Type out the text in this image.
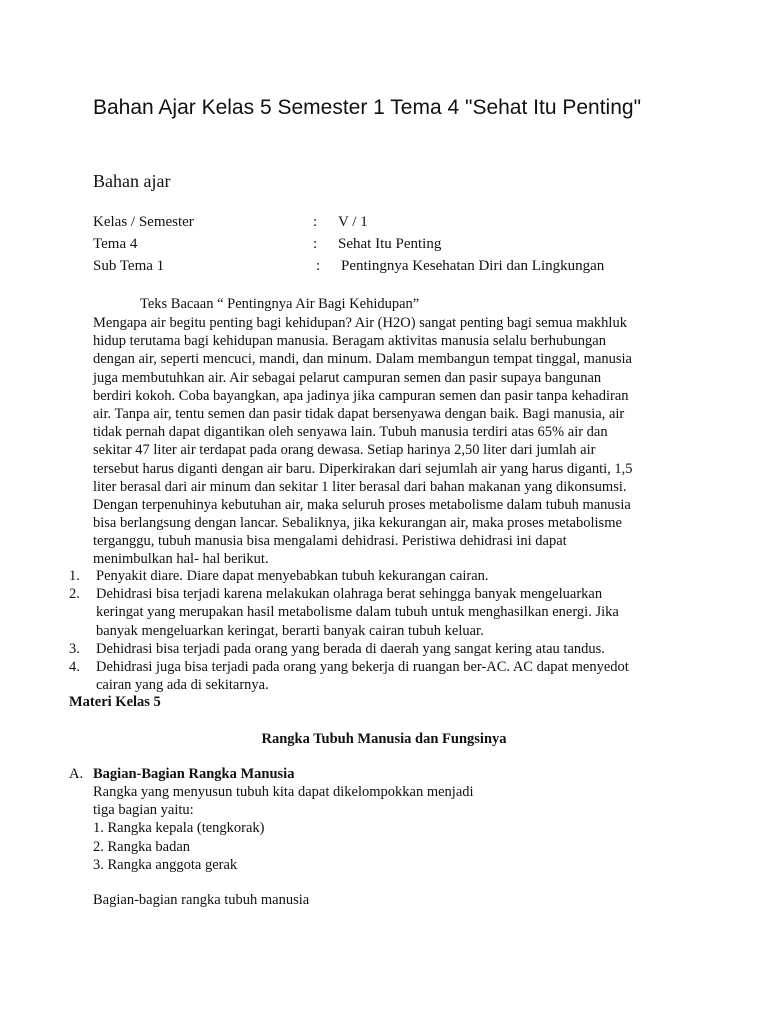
Bahan Ajar Kelas 5 Semester 1 Tema 4 "Sehat Itu Penting"
Bahan ajar
Kelas / Semester	: V / 1
Tema 4	: Sehat Itu Penting
Sub Tema 1	: Pentingnya Kesehatan Diri dan Lingkungan
Teks Bacaan “ Pentingnya Air Bagi Kehidupan”

Mengapa air begitu penting bagi kehidupan? Air (H2O) sangat penting bagi semua makhluk
hidup terutama bagi kehidupan manusia. Beragam aktivitas manusia selalu berhubungan
dengan air, seperti mencuci, mandi, dan minum. Dalam membangun tempat tinggal, manusia
juga membutuhkan air. Air sebagai pelarut campuran semen dan pasir supaya bangunan
berdiri kokoh. Coba bayangkan, apa jadinya jika campuran semen dan pasir tanpa kehadiran
air. Tanpa air, tentu semen dan pasir tidak dapat bersenyawa dengan baik. Bagi manusia, air
tidak pernah dapat digantikan oleh senyawa lain. Tubuh manusia terdiri atas 65% air dan
sekitar 47 liter air terdapat pada orang dewasa. Setiap harinya 2,50 liter dari jumlah air
tersebut harus diganti dengan air baru. Diperkirakan dari sejumlah air yang harus diganti, 1,5
liter berasal dari air minum dan sekitar 1 liter berasal dari bahan makanan yang dikonsumsi.
Dengan terpenuhinya kebutuhan air, maka seluruh proses metabolisme dalam tubuh manusia
bisa berlangsung dengan lancar. Sebaliknya, jika kekurangan air, maka proses metabolisme
terganggu, tubuh manusia bisa mengalami dehidrasi. Peristiwa dehidrasi ini dapat
menimbulkan hal- hal berikut.

1. Penyakit diare. Diare dapat menyebabkan tubuh kekurangan cairan.
2. Dehidrasi bisa terjadi karena melakukan olahraga berat sehingga banyak mengeluarkan
keringat yang merupakan hasil metabolisme dalam tubuh untuk menghasilkan energi. Jika
banyak mengeluarkan keringat, berarti banyak cairan tubuh keluar.
3. Dehidrasi bisa terjadi pada orang yang berada di daerah yang sangat kering atau tandus.
4. Dehidrasi juga bisa terjadi pada orang yang bekerja di ruangan ber-AC. AC dapat menyedot
cairan yang ada di sekitarnya.
Materi Kelas 5
Rangka Tubuh Manusia dan Fungsinya
A. Bagian-Bagian Rangka Manusia
Rangka yang menyusun tubuh kita dapat dikelompokkan menjadi
tiga bagian yaitu:
1. Rangka kepala (tengkorak)
2. Rangka badan
3. Rangka anggota gerak
Bagian-bagian rangka tubuh manusia
